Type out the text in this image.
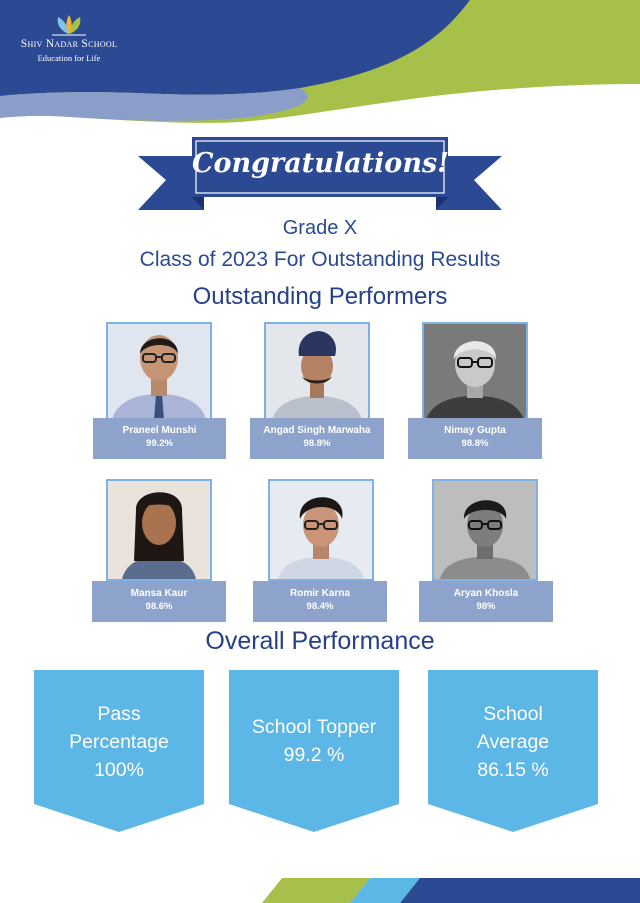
Shiv Nadar School
Education for Life
Congratulations!
Grade X
Class of 2023 For Outstanding Results
Outstanding Performers
Praneel Munshi
99.2%
Angad Singh Marwaha
98.8%
Nimay Gupta
98.8%
Mansa Kaur
98.6%
Romir Karna
98.4%
Aryan Khosla
98%
Overall Performance
Pass
Percentage
100%
School Topper
99.2 %
School
Average
86.15 %
